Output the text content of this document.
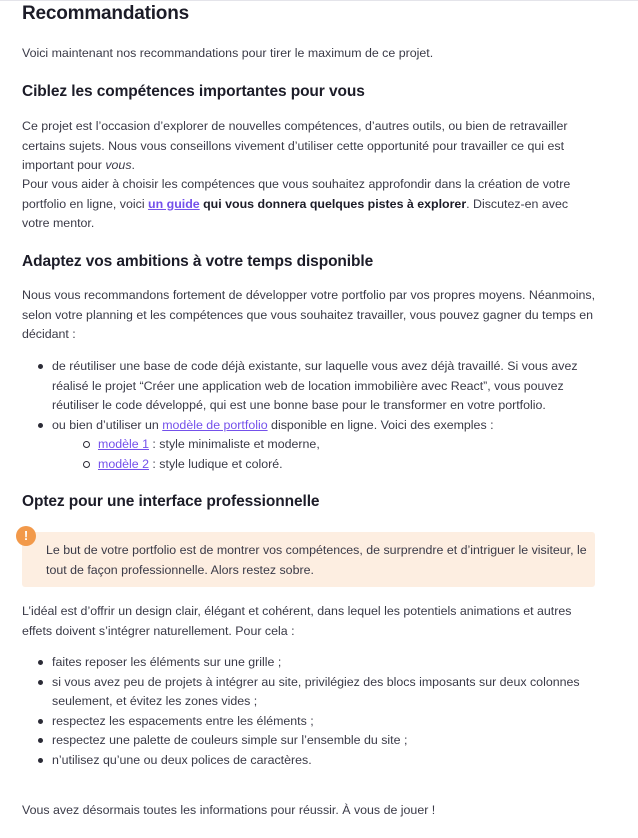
Recommandations

Voici maintenant nos recommandations pour tirer le maximum de ce projet.

Ciblez les compétences importantes pour vous

Ce projet est l’occasion d’explorer de nouvelles compétences, d’autres outils, ou bien de retravailler certains sujets. Nous vous conseillons vivement d’utiliser cette opportunité pour travailler ce qui est important pour vous.

Pour vous aider à choisir les compétences que vous souhaitez approfondir dans la création de votre portfolio en ligne, voici un guide qui vous donnera quelques pistes à explorer. Discutez-en avec votre mentor.

Adaptez vos ambitions à votre temps disponible

Nous vous recommandons fortement de développer votre portfolio par vos propres moyens. Néanmoins, selon votre planning et les compétences que vous souhaitez travailler, vous pouvez gagner du temps en décidant :

de réutiliser une base de code déjà existante, sur laquelle vous avez déjà travaillé. Si vous avez réalisé le projet “Créer une application web de location immobilière avec React”, vous pouvez réutiliser le code développé, qui est une bonne base pour le transformer en votre portfolio.
ou bien d’utiliser un modèle de portfolio disponible en ligne. Voici des exemples :
modèle 1 : style minimaliste et moderne,
modèle 2 : style ludique et coloré.
Optez pour une interface professionnelle
!
Le but de votre portfolio est de montrer vos compétences, de surprendre et d’intriguer le visiteur, le tout de façon professionnelle. Alors restez sobre.

L’idéal est d’offrir un design clair, élégant et cohérent, dans lequel les potentiels animations et autres effets doivent s’intégrer naturellement. Pour cela :

faites reposer les éléments sur une grille ;
si vous avez peu de projets à intégrer au site, privilégiez des blocs imposants sur deux colonnes seulement, et évitez les zones vides ;
respectez les espacements entre les éléments ;
respectez une palette de couleurs simple sur l’ensemble du site ;
n’utilisez qu’une ou deux polices de caractères.

Vous avez désormais toutes les informations pour réussir. À vous de jouer !
